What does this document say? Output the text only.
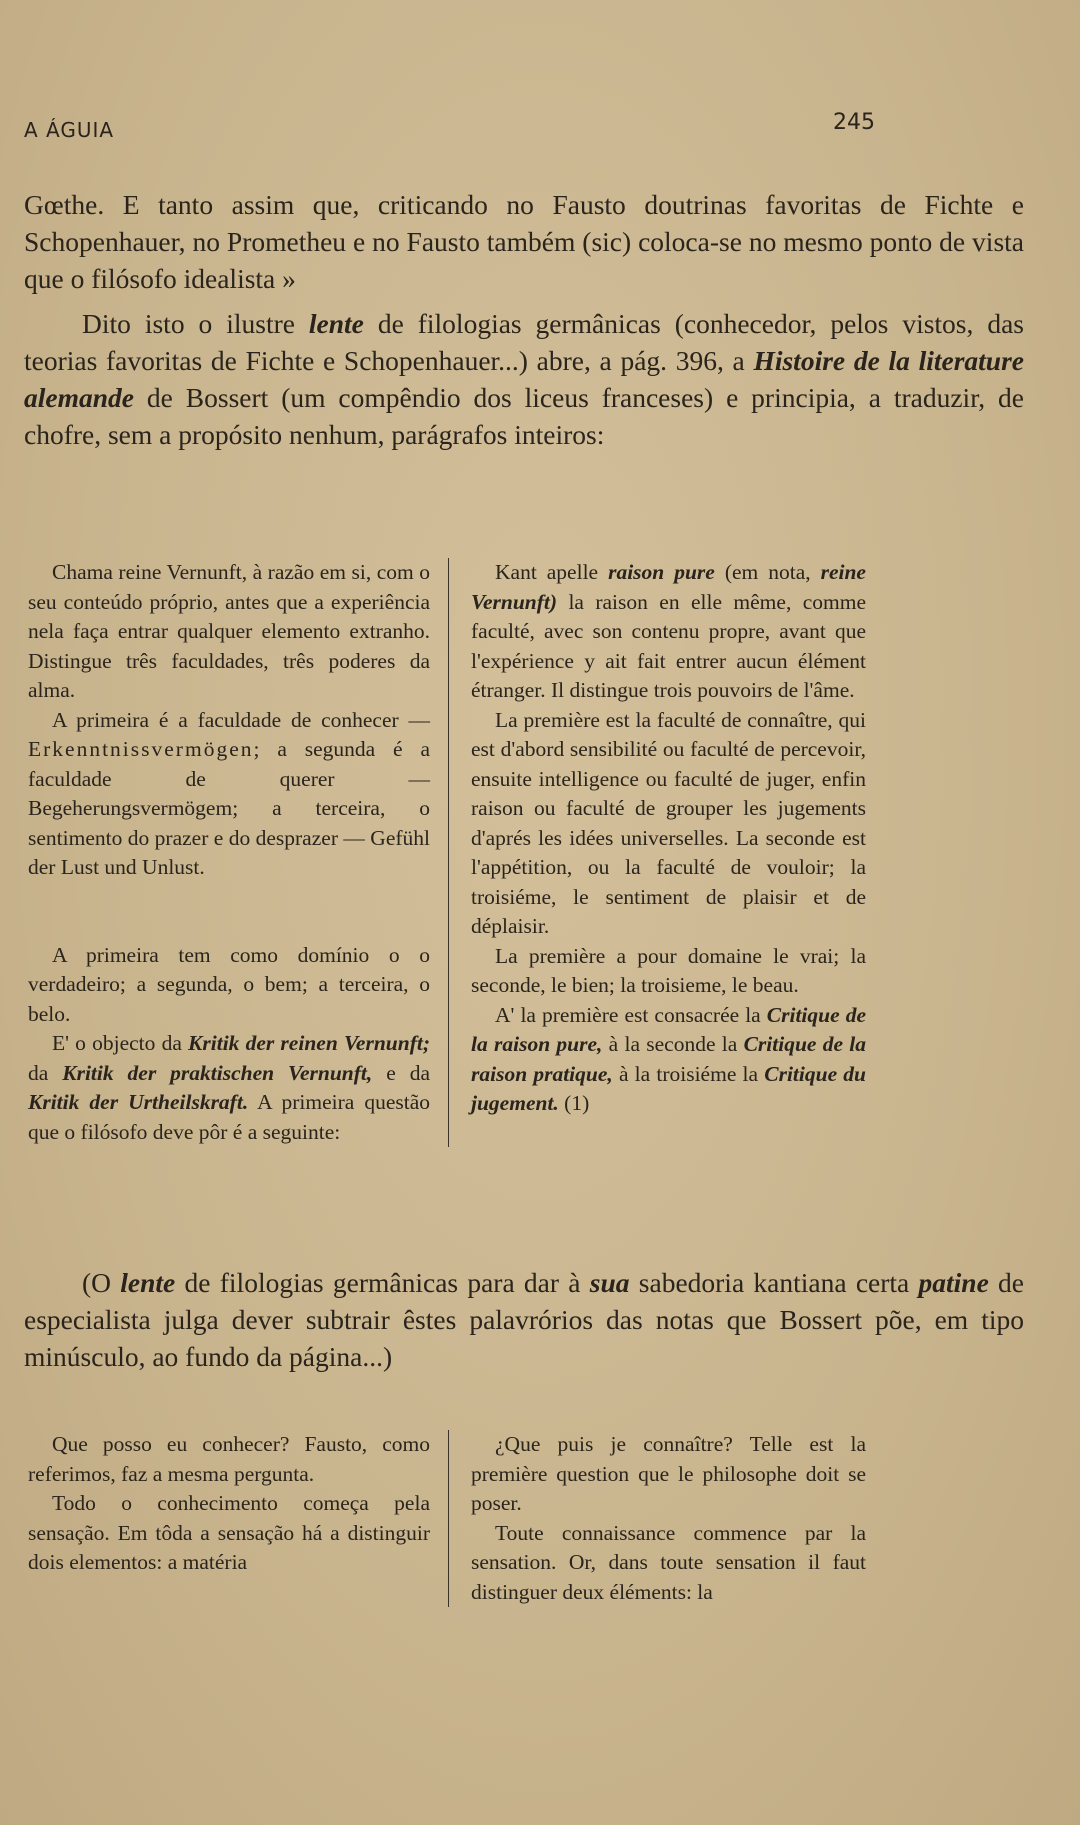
A ÁGUIA	245

Gœthe. E tanto assim que, criticando no Fausto doutrinas favoritas de Fichte e Schopenhauer, no Prometheu e no Fausto também (sic) coloca-se no mesmo ponto de vista que o filósofo idealista »

Dito isto o ilustre lente de filologias germânicas (conhecedor, pelos vistos, das teorias favoritas de Fichte e Schopenhauer...) abre, a pág. 396, a Histoire de la literature alemande de Bossert (um compêndio dos liceus franceses) e principia, a traduzir, de chofre, sem a propósito nenhum, parágrafos inteiros:

Chama reine Vernunft, à razão em si, com o seu conteúdo próprio, antes que a experiência nela faça entrar qualquer elemento extranho. Distingue três faculdades, três poderes da alma.

A primeira é a faculdade de conhecer — Erkenntnissvermögen; a segunda é a faculdade de querer — Begeherungsvermögem; a terceira, o sentimento do prazer e do desprazer — Gefühl der Lust und Unlust.

A primeira tem como domínio o o verdadeiro; a segunda, o bem; a terceira, o belo.

E' o objecto da Kritik der reinen Vernunft; da Kritik der praktischen Vernunft, e da Kritik der Urtheilskraft. A primeira questão que o filósofo deve pôr é a seguinte:

Kant apelle raison pure (em nota, reine Vernunft) la raison en elle même, comme faculté, avec son contenu propre, avant que l'expérience y ait fait entrer aucun élément étranger. Il distingue trois pouvoirs de l'âme.

La première est la faculté de connaître, qui est d'abord sensibilité ou faculté de percevoir, ensuite intelligence ou faculté de juger, enfin raison ou faculté de grouper les jugements d'aprés les idées universelles. La seconde est l'appétition, ou la faculté de vouloir; la troisiéme, le sentiment de plaisir et de déplaisir.

La première a pour domaine le vrai; la seconde, le bien; la troisieme, le beau.

A' la première est consacrée la Critique de la raison pure, à la seconde la Critique de la raison pratique, à la troisiéme la Critique du jugement. (1)

(O lente de filologias germânicas para dar à sua sabedoria kantiana certa patine de especialista julga dever subtrair êstes palavrórios das notas que Bossert põe, em tipo minúsculo, ao fundo da página...)

Que posso eu conhecer? Fausto, como referimos, faz a mesma pergunta.

Todo o conhecimento começa pela sensação. Em tôda a sensação há a distinguir dois elementos: a matéria

¿Que puis je connaître? Telle est la première question que le philosophe doit se poser.

Toute connaissance commence par la sensation. Or, dans toute sensation il faut distinguer deux éléments: la
